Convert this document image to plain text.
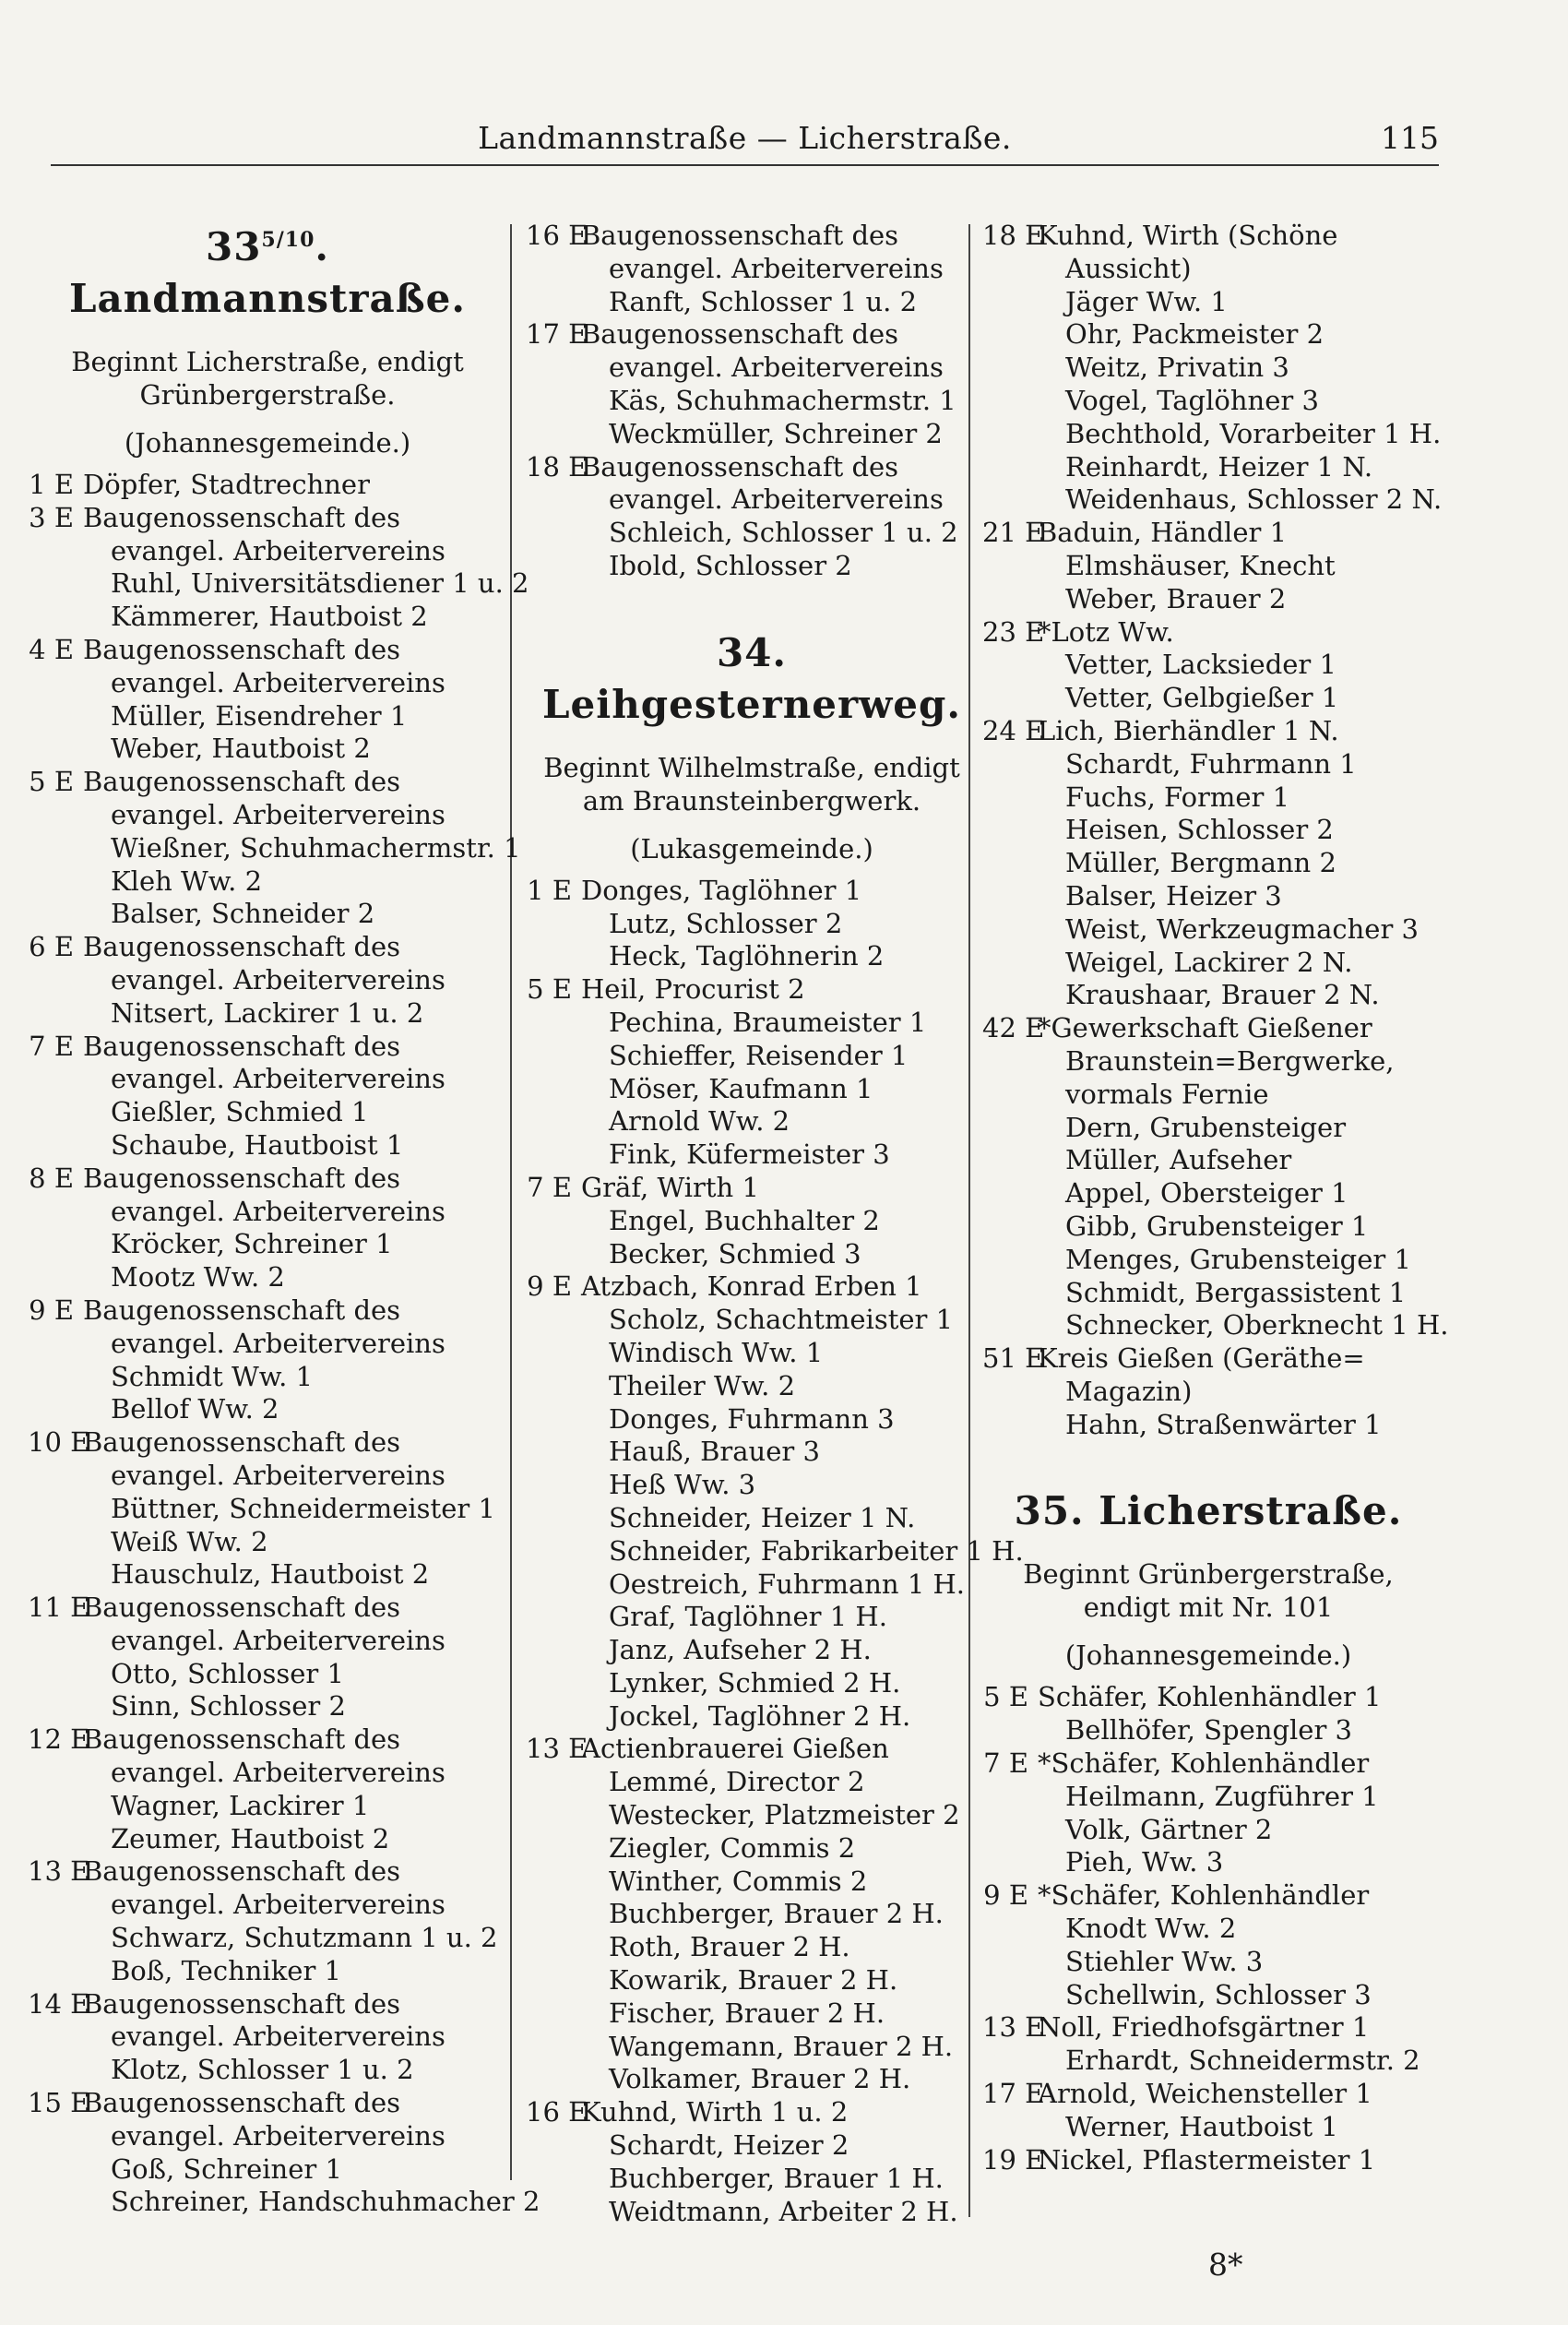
Landmannstraße — Licherstraße.	115
$33^{5/10}$. Landmannstraße.
Beginnt Licherstraße, endigt Grünbergerstraße.
(Johannesgemeinde.)
1 E Döpfer, Stadtrechner
3 E Baugenossenschaft des
evangel. Arbeitervereins
Ruhl, Universitätsdiener 1 u. 2
Kämmerer, Hautboist 2
4 E Baugenossenschaft des
evangel. Arbeitervereins
Müller, Eisendreher 1
Weber, Hautboist 2
5 E Baugenossenschaft des
evangel. Arbeitervereins
Wießner, Schuhmachermstr. 1
Kleh Ww. 2
Balser, Schneider 2
6 E Baugenossenschaft des
evangel. Arbeitervereins
Nitsert, Lackirer 1 u. 2
7 E Baugenossenschaft des
evangel. Arbeitervereins
Gießler, Schmied 1
Schaube, Hautboist 1
8 E Baugenossenschaft des
evangel. Arbeitervereins
Kröcker, Schreiner 1
Mootz Ww. 2
9 E Baugenossenschaft des
evangel. Arbeitervereins
Schmidt Ww. 1
Bellof Ww. 2
10 E
Baugenossenschaft des
evangel. Arbeitervereins
Büttner, Schneidermeister 1
Weiß Ww. 2
Hauschulz, Hautboist 2
11 E
Baugenossenschaft des
evangel. Arbeitervereins
Otto, Schlosser 1
Sinn, Schlosser 2
12 E
Baugenossenschaft des
evangel. Arbeitervereins
Wagner, Lackirer 1
Zeumer, Hautboist 2
13 E
Baugenossenschaft des
evangel. Arbeitervereins
Schwarz, Schutzmann 1 u. 2
Boß, Techniker 1
14 E
Baugenossenschaft des
evangel. Arbeitervereins
Klotz, Schlosser 1 u. 2
15 E
Baugenossenschaft des
evangel. Arbeitervereins
Goß, Schreiner 1
Schreiner, Handschuhmacher 2
16 E
Baugenossenschaft des
evangel. Arbeitervereins
Ranft, Schlosser 1 u. 2
17 E
Baugenossenschaft des
evangel. Arbeitervereins
Käs, Schuhmachermstr. 1
Weckmüller, Schreiner 2
18 E
Baugenossenschaft des
evangel. Arbeitervereins
Schleich, Schlosser 1 u. 2
Ibold, Schlosser 2
34. Leihgesternerweg.
Beginnt Wilhelmstraße, endigt am Braunsteinbergwerk.
(Lukasgemeinde.)
1 E Donges, Taglöhner 1
Lutz, Schlosser 2
Heck, Taglöhnerin 2
5 E Heil, Procurist 2
Pechina, Braumeister 1
Schieffer, Reisender 1
Möser, Kaufmann 1
Arnold Ww. 2
Fink, Küfermeister 3
7 E Gräf, Wirth 1
Engel, Buchhalter 2
Becker, Schmied 3
9 E Atzbach, Konrad Erben 1
Scholz, Schachtmeister 1
Windisch Ww. 1
Theiler Ww. 2
Donges, Fuhrmann 3
Hauß, Brauer 3
Heß Ww. 3
Schneider, Heizer 1 N.
Schneider, Fabrikarbeiter 1 H.
Oestreich, Fuhrmann 1 H.
Graf, Taglöhner 1 H.
Janz, Aufseher 2 H.
Lynker, Schmied 2 H.
Jockel, Taglöhner 2 H.
13 E
Actienbrauerei Gießen
Lemmé, Director 2
Westecker, Platzmeister 2
Ziegler, Commis 2
Winther, Commis 2
Buchberger, Brauer 2 H.
Roth, Brauer 2 H.
Kowarik, Brauer 2 H.
Fischer, Brauer 2 H.
Wangemann, Brauer 2 H.
Volkamer, Brauer 2 H.
16 E
Kuhnd, Wirth 1 u. 2
Schardt, Heizer 2
Buchberger, Brauer 1 H.
Weidtmann, Arbeiter 2 H.
18 E
Kuhnd, Wirth (Schöne
Aussicht)
Jäger Ww. 1
Ohr, Packmeister 2
Weitz, Privatin 3
Vogel, Taglöhner 3
Bechthold, Vorarbeiter 1 H.
Reinhardt, Heizer 1 N.
Weidenhaus, Schlosser 2 N.
21 E
Baduin, Händler 1
Elmshäuser, Knecht
Weber, Brauer 2
23 E
*Lotz Ww.
Vetter, Lacksieder 1
Vetter, Gelbgießer 1
24 E
Lich, Bierhändler 1 N.
Schardt, Fuhrmann 1
Fuchs, Former 1
Heisen, Schlosser 2
Müller, Bergmann 2
Balser, Heizer 3
Weist, Werkzeugmacher 3
Weigel, Lackirer 2 N.
Kraushaar, Brauer 2 N.
42 E
*Gewerkschaft Gießener
Braunstein=Bergwerke,
vormals Fernie
Dern, Grubensteiger
Müller, Aufseher
Appel, Obersteiger 1
Gibb, Grubensteiger 1
Menges, Grubensteiger 1
Schmidt, Bergassistent 1
Schnecker, Oberknecht 1 H.
51 E
Kreis Gießen (Geräthe=
Magazin)
Hahn, Straßenwärter 1
35. Licherstraße.
Beginnt Grünbergerstraße, endigt mit Nr. 101
(Johannesgemeinde.)
5 E Schäfer, Kohlenhändler 1
Bellhöfer, Spengler 3
7 E *Schäfer, Kohlenhändler
Heilmann, Zugführer 1
Volk, Gärtner 2
Pieh, Ww. 3
9 E *Schäfer, Kohlenhändler
Knodt Ww. 2
Stiehler Ww. 3
Schellwin, Schlosser 3
13 E
Noll, Friedhofsgärtner 1
Erhardt, Schneidermstr. 2
17 E
Arnold, Weichensteller 1
Werner, Hautboist 1
19 E
Nickel, Pflastermeister 1
8*
